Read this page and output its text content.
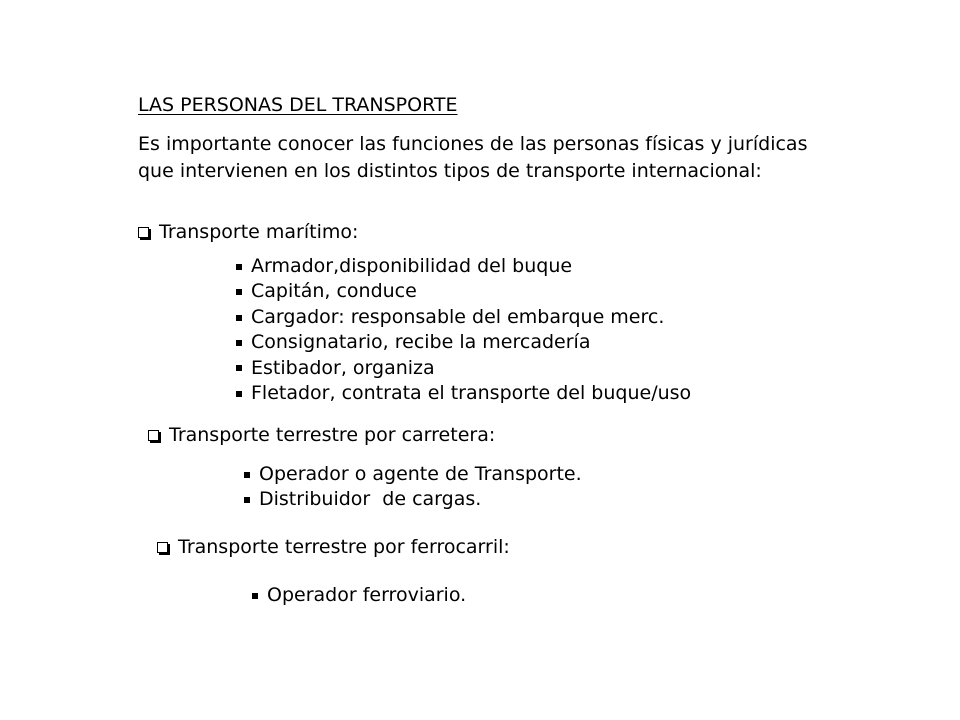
LAS PERSONAS DEL TRANSPORTE
Es importante conocer las funciones de las personas físicas y jurídicas que intervienen en los distintos tipos de transporte internacional:
Transporte marítimo:
Armador,disponibilidad del buque
Capitán, conduce
Cargador: responsable del embarque merc.
Consignatario, recibe la mercadería
Estibador, organiza
Fletador, contrata el transporte del buque/uso
Transporte terrestre por carretera:
Operador o agente de Transporte.
Distribuidor  de cargas.
Transporte terrestre por ferrocarril:
Operador ferroviario.
